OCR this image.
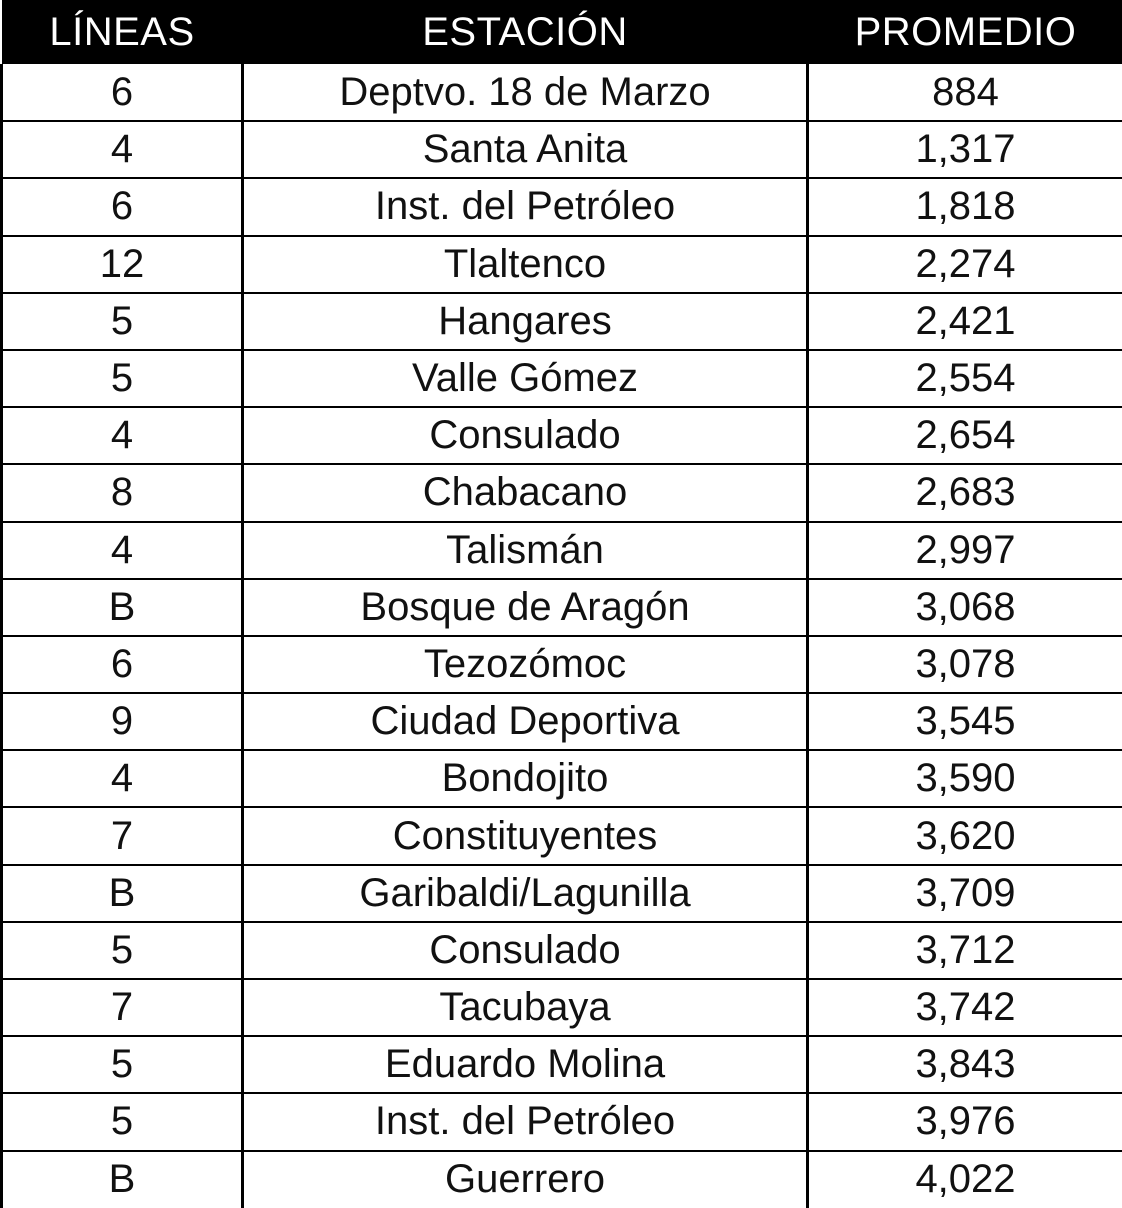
LÍNEAS	ESTACIÓN	PROMEDIO
6	Deptvo. 18 de Marzo	884
4	Santa Anita	1,317
6	Inst. del Petróleo	1,818
12	Tlaltenco	2,274
5	Hangares	2,421
5	Valle Gómez	2,554
4	Consulado	2,654
8	Chabacano	2,683
4	Talismán	2,997
B	Bosque de Aragón	3,068
6	Tezozómoc	3,078
9	Ciudad Deportiva	3,545
4	Bondojito	3,590
7	Constituyentes	3,620
B	Garibaldi/Lagunilla	3,709
5	Consulado	3,712
7	Tacubaya	3,742
5	Eduardo Molina	3,843
5	Inst. del Petróleo	3,976
B	Guerrero	4,022
